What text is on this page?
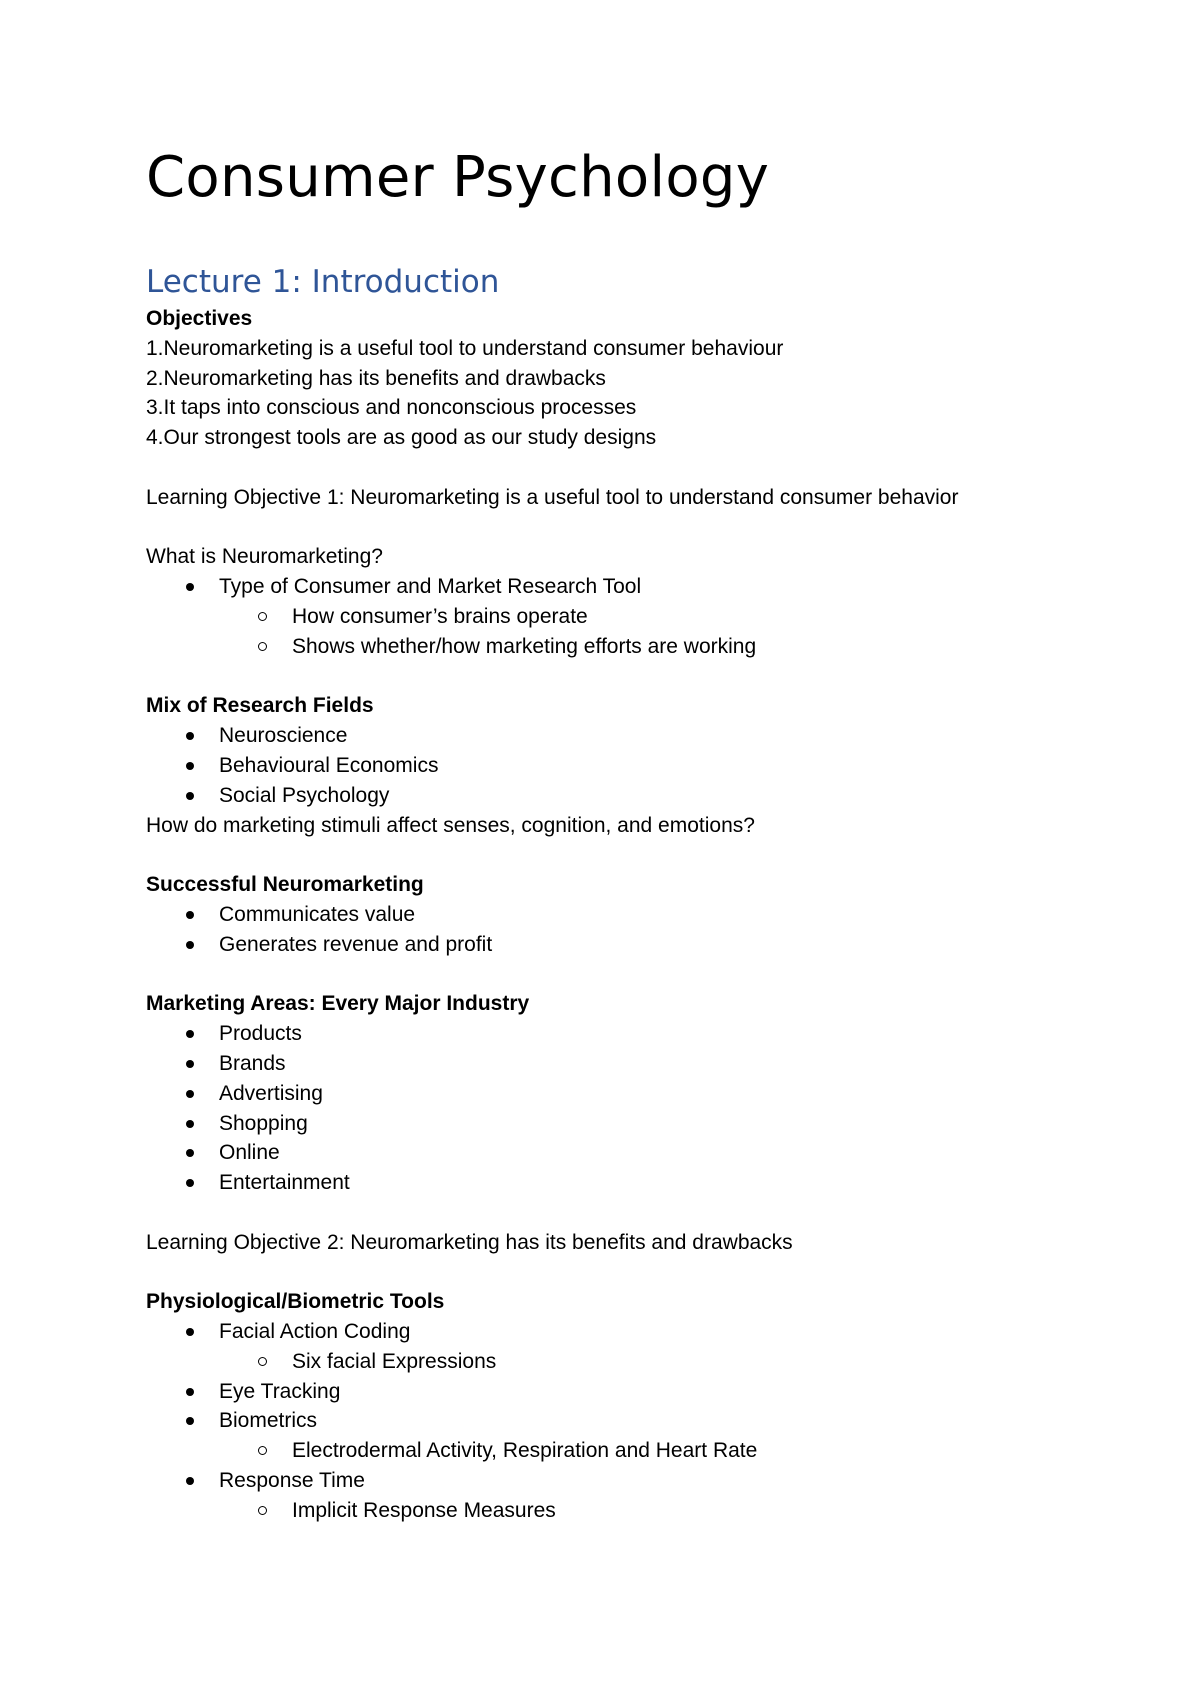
Consumer Psychology
Lecture 1: Introduction
Objectives
1.Neuromarketing is a useful tool to understand consumer behaviour
2.Neuromarketing has its benefits and drawbacks
3.It taps into conscious and nonconscious processes
4.Our strongest tools are as good as our study designs
Learning Objective 1: Neuromarketing is a useful tool to understand consumer behavior
What is Neuromarketing?
Type of Consumer and Market Research Tool
How consumer’s brains operate
Shows whether/how marketing efforts are working
Mix of Research Fields
Neuroscience
Behavioural Economics
Social Psychology
How do marketing stimuli affect senses, cognition, and emotions?
Successful Neuromarketing
Communicates value
Generates revenue and profit
Marketing Areas: Every Major Industry
Products
Brands
Advertising
Shopping
Online
Entertainment
Learning Objective 2: Neuromarketing has its benefits and drawbacks
Physiological/Biometric Tools
Facial Action Coding
Six facial Expressions
Eye Tracking
Biometrics
Electrodermal Activity, Respiration and Heart Rate
Response Time
Implicit Response Measures
